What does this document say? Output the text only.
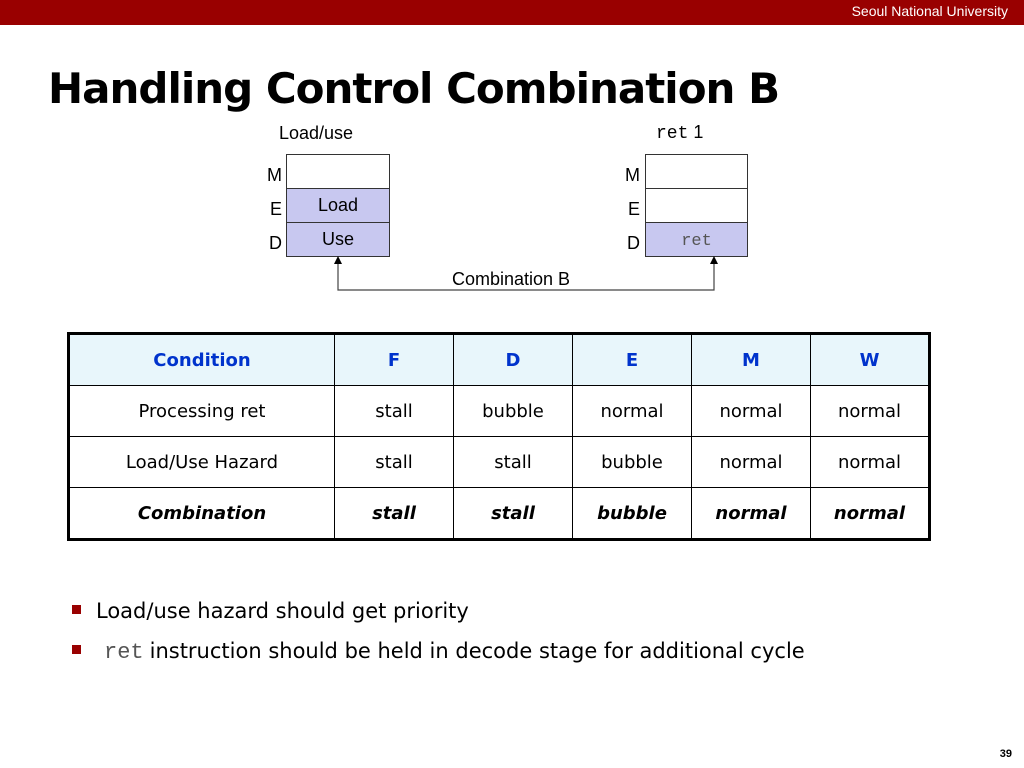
Seoul National University
Handling Control Combination B
Load/use
M
E
D
Load
Use
ret 1
M
E
D	ret
Combination B
Condition	F	D	E	M	W
Processing ret	stall	bubble	normal	normal	normal
Load/Use Hazard	stall	stall	bubble	normal	normal
Combination	stall	stall	bubble	normal	normal
Load/use hazard should get priority
ret instruction should be held in decode stage for additional cycle
39
